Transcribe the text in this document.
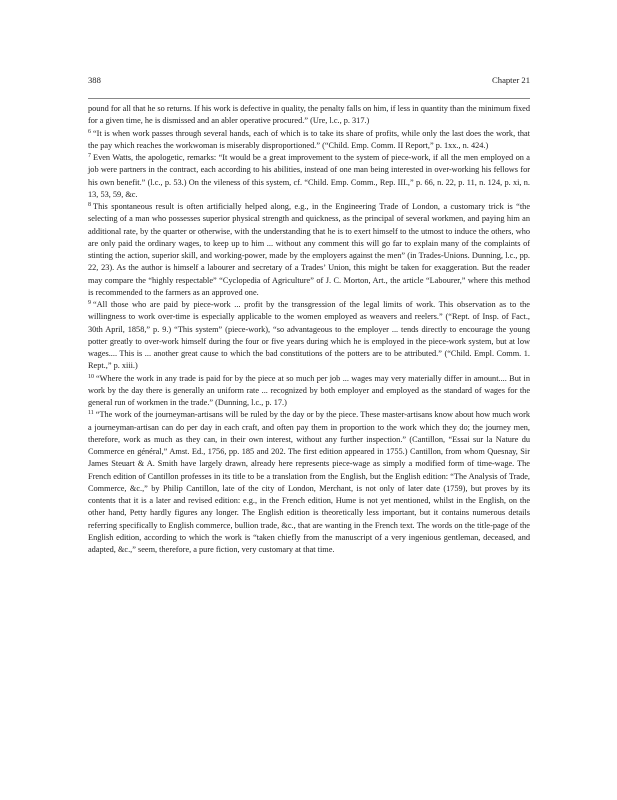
388	Chapter 21

pound for all that he so returns. If his work is defective in quality, the penalty falls on him, if less in quantity than the minimum fixed for a given time, he is dismissed and an abler operative procured.” (Ure, l.c., p. 317.)

$^6$ “It is when work passes through several hands, each of which is to take its share of profits, while only the last does the work, that the pay which reaches the workwoman is miserably disproportioned.” (“Child. Emp. Comm. II Report,” p. 1xx., n. 424.)

$^7$ Even Watts, the apologetic, remarks: “It would be a great improvement to the system of piece-work, if all the men employed on a job were partners in the contract, each according to his abilities, instead of one man being interested in over-working his fellows for his own benefit.” (l.c., p. 53.) On the vileness of this system, cf. “Child. Emp. Comm., Rep. III.,” p. 66, n. 22, p. 11, n. 124, p. xi, n. 13, 53, 59, &c.

$^8$ This spontaneous result is often artificially helped along, e.g., in the Engineering Trade of London, a customary trick is “the selecting of a man who possesses superior physical strength and quickness, as the principal of several workmen, and paying him an additional rate, by the quarter or otherwise, with the understanding that he is to exert himself to the utmost to induce the others, who are only paid the ordinary wages, to keep up to him ... without any comment this will go far to explain many of the complaints of stinting the action, superior skill, and working-power, made by the employers against the men” (in Trades-Unions. Dunning, l.c., pp. 22, 23). As the author is himself a labourer and secretary of a Trades’ Union, this might be taken for exaggeration. But the reader may compare the “highly respectable” “Cyclopedia of Agriculture” of J. C. Morton, Art., the article “Labourer,” where this method is recommended to the farmers as an approved one.

$^9$ “All those who are paid by piece-work ... profit by the transgression of the legal limits of work. This observation as to the willingness to work over-time is especially applicable to the women employed as weavers and reelers.” (“Rept. of Insp. of Fact., 30th April, 1858,” p. 9.) “This system” (piece-work), “so advantageous to the employer ... tends directly to encourage the young potter greatly to over-work himself during the four or five years during which he is employed in the piece-work system, but at low wages.... This is ... another great cause to which the bad constitutions of the potters are to be attributed.” (“Child. Empl. Comm. 1. Rept.,” p. xiii.)

$^{10}$ “Where the work in any trade is paid for by the piece at so much per job ... wages may very materially differ in amount.... But in work by the day there is generally an uniform rate ... recognized by both employer and employed as the standard of wages for the general run of workmen in the trade.” (Dunning, l.c., p. 17.)

$^{11}$ “The work of the journeyman-artisans will be ruled by the day or by the piece. These master-artisans know about how much work a journeyman-artisan can do per day in each craft, and often pay them in proportion to the work which they do; the journey men, therefore, work as much as they can, in their own interest, without any further inspection.” (Cantillon, “Essai sur la Nature du Commerce en général,” Amst. Ed., 1756, pp. 185 and 202. The first edition appeared in 1755.) Cantillon, from whom Quesnay, Sir James Steuart & A. Smith have largely drawn, already here represents piece-wage as simply a modified form of time-wage. The French edition of Cantillon professes in its title to be a translation from the English, but the English edition: “The Analysis of Trade, Commerce, &c.,” by Philip Cantillon, late of the city of London, Merchant, is not only of later date (1759), but proves by its contents that it is a later and revised edition: e.g., in the French edition, Hume is not yet mentioned, whilst in the English, on the other hand, Petty hardly figures any longer. The English edition is theoretically less important, but it contains numerous details referring specifically to English commerce, bullion trade, &c., that are wanting in the French text. The words on the title-page of the English edition, according to which the work is “taken chiefly from the manuscript of a very ingenious gentleman, deceased, and adapted, &c.,” seem, therefore, a pure fiction, very customary at that time.
